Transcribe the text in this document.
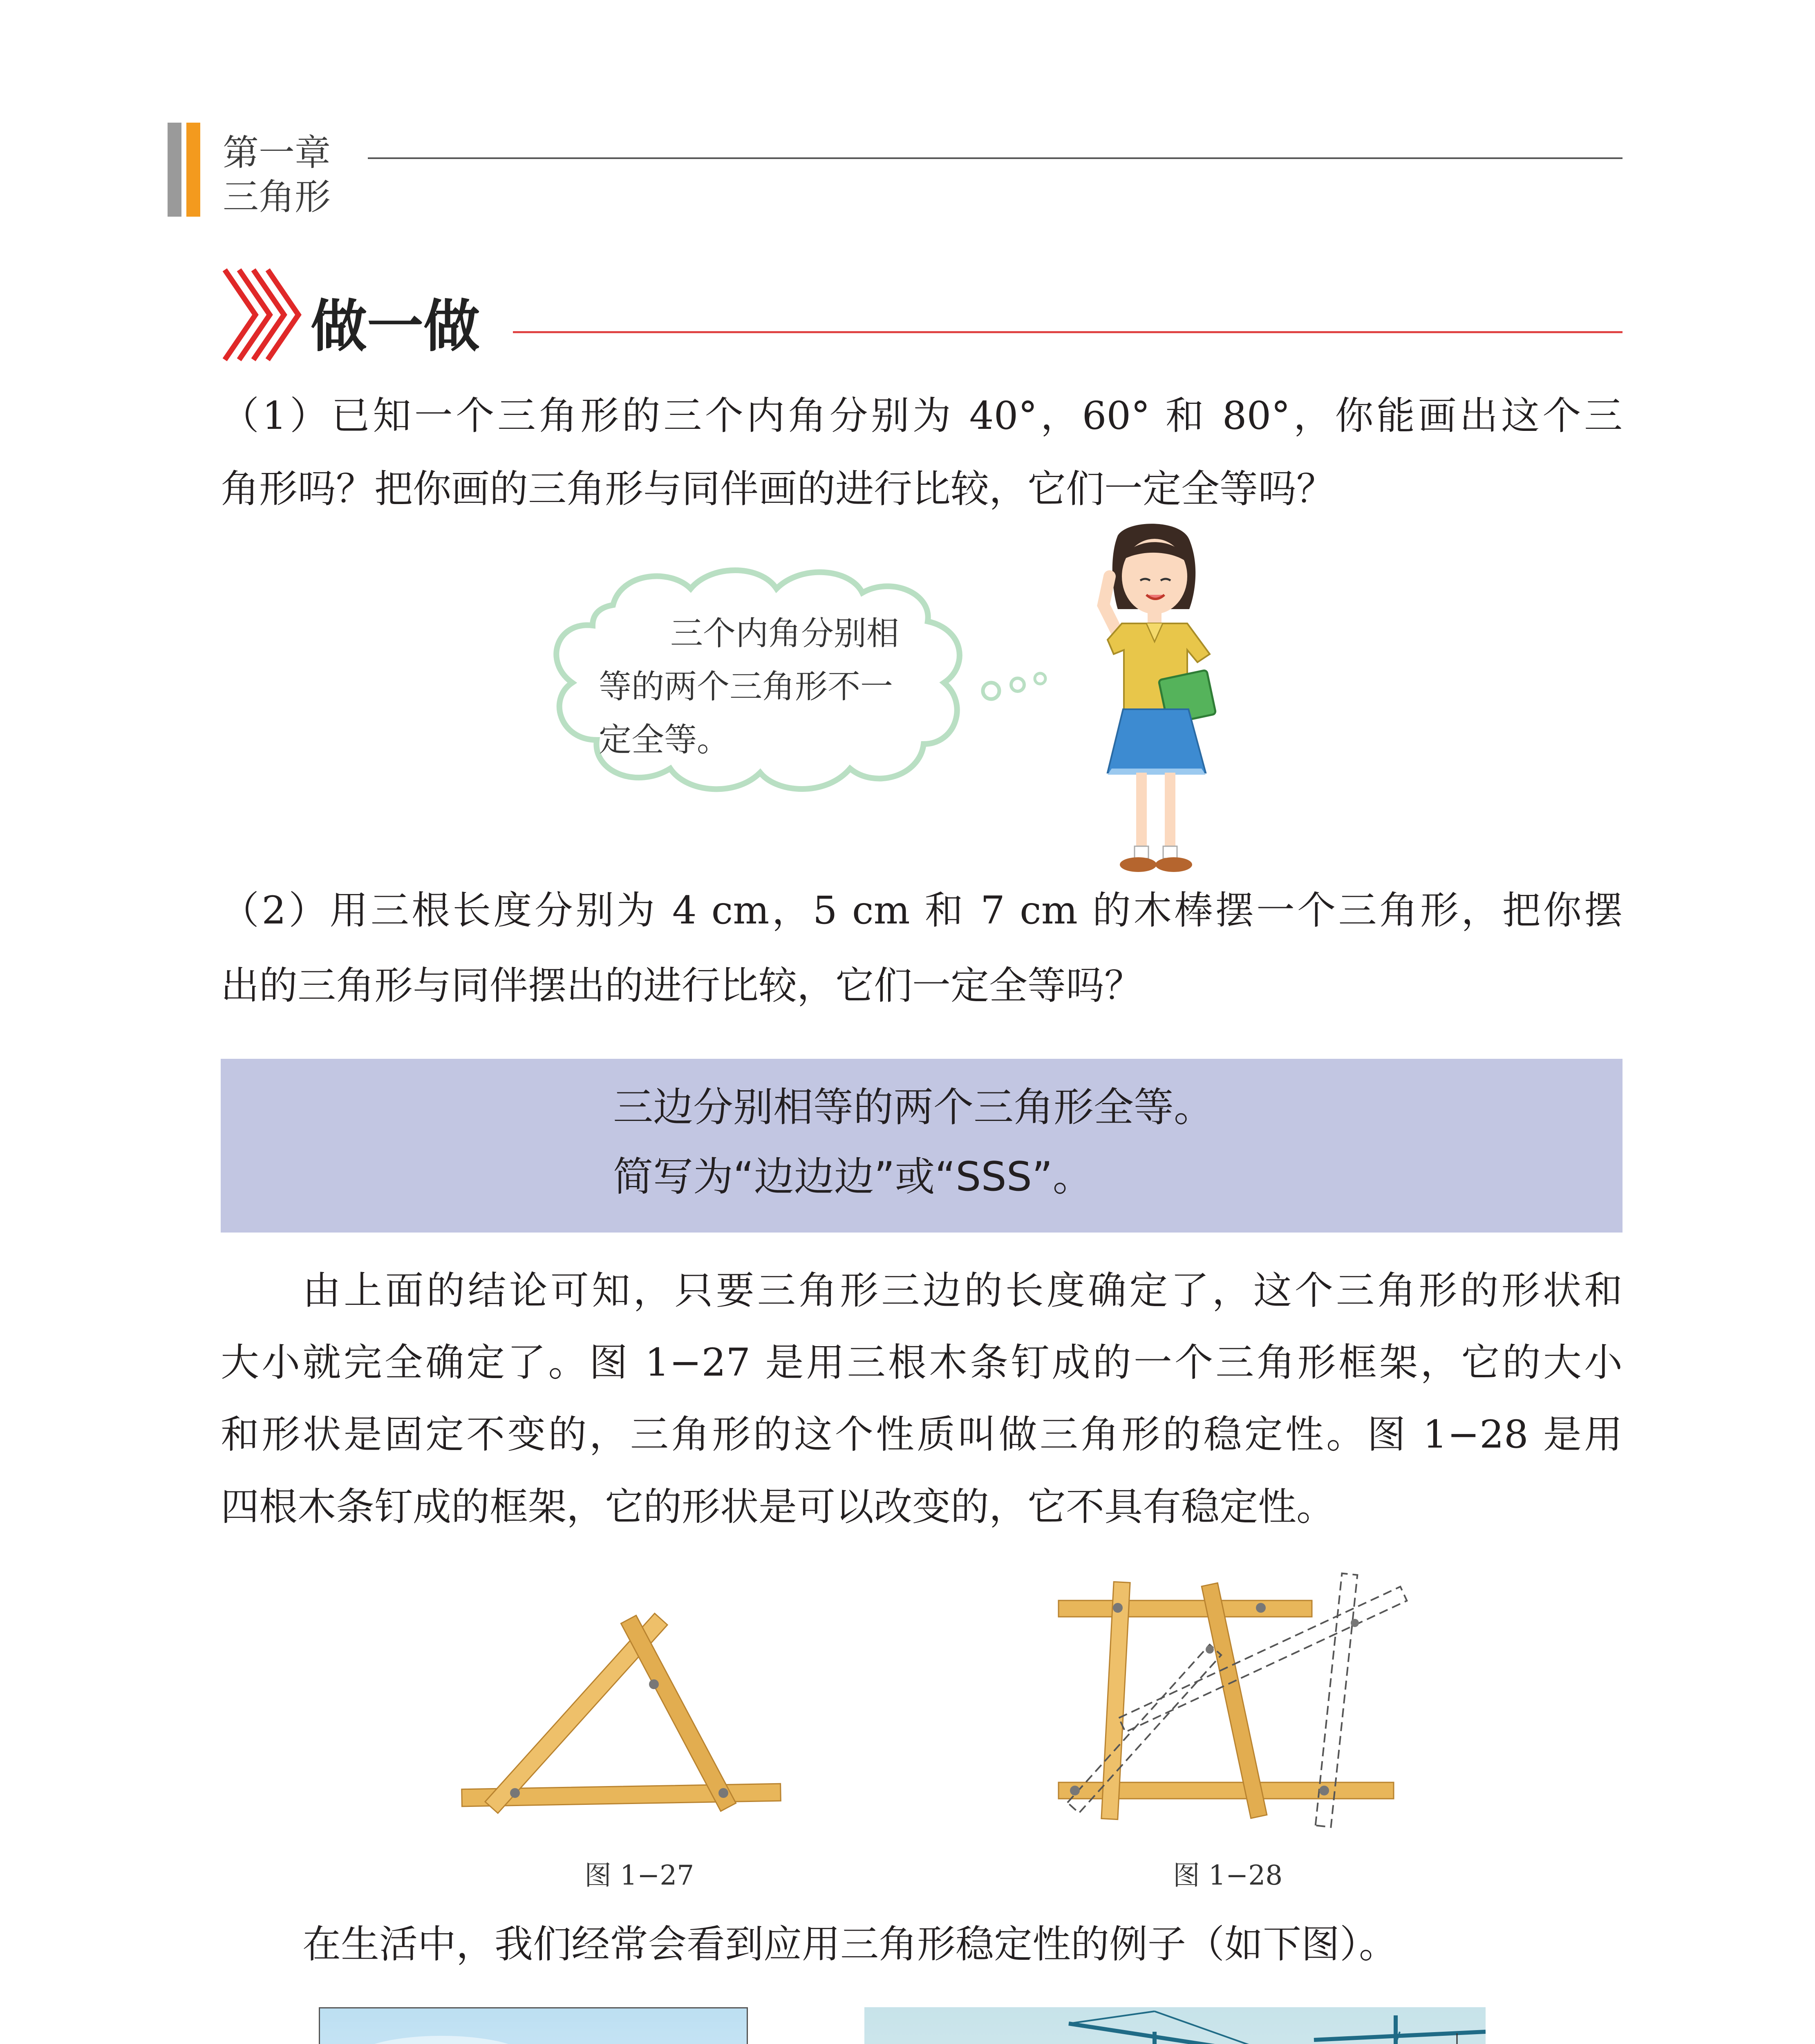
第一章
三角形
做一做
（1）已知一个三角形的三个内角分别为 40°，60° 和 80°，你能画出这个三
角形吗？把你画的三角形与同伴画的进行比较，它们一定全等吗？
三个内角分别相
等的两个三角形不一
定全等。
（2）用三根长度分别为 4 cm，5 cm 和 7 cm 的木棒摆一个三角形，把你摆
出的三角形与同伴摆出的进行比较，它们一定全等吗？
三边分别相等的两个三角形全等。
简写为“边边边”或“SSS”。
由上面的结论可知，只要三角形三边的长度确定了，这个三角形的形状和
大小就完全确定了。图 1−27 是用三根木条钉成的一个三角形框架，它的大小
和形状是固定不变的，三角形的这个性质叫做三角形的稳定性。图 1−28 是用
四根木条钉成的框架，它的形状是可以改变的，它不具有稳定性。
图 1−27	图 1−28
在生活中，我们经常会看到应用三角形稳定性的例子（如下图）。
